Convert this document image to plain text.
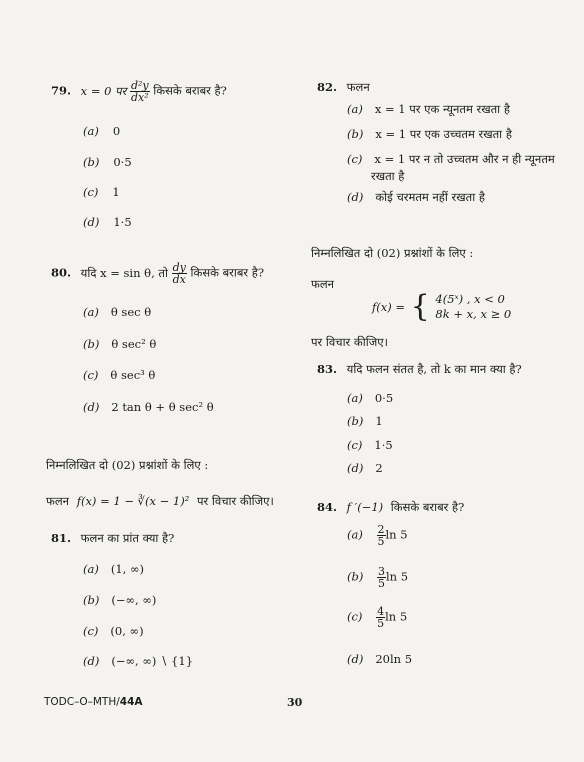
79. x = 0 पर $\frac{\text{d²y}}{\text{dx²}}$ किसके बराबर है?
(a) 0
(b) 0·5
(c) 1
(d) 1·5
80. यदि x = sin θ, तो $\frac{dy}{dx}$ किसके बराबर है?
(a) θ sec θ
(b) θ sec² θ
(c) θ sec³ θ
(d) 2 tan θ + θ sec² θ
निम्नलिखित दो (02) प्रश्नांशों के लिए :
फलन f(x) = 1 − ∛(x − 1)² पर विचार कीजिए।
81. फलन का प्रांत क्या है?
(a) (1, ∞)
(b) (−∞, ∞)
(c) (0, ∞)
(d) (−∞, ∞) ∖ {1}
82. फलन
(a) x = 1 पर एक न्यूनतम रखता है
(b) x = 1 पर एक उच्चतम रखता है
(c) x = 1 पर न तो उच्चतम और न ही न्यूनतम
रखता है
(d) कोई चरमतम नहीं रखता है
निम्नलिखित दो (02) प्रश्नांशों के लिए :
फलन
f(x) = { 4(5ˣ) , x < 0
8k + x, x ≥ 0
पर विचार कीजिए।
83. यदि फलन संतत है, तो k का मान क्या है?
(a) 0·5
(b) 1
(c) 1·5
(d) 2
84. f ′(−1) किसके बराबर है?
$(a) \frac{2}{5}$ ln 5
$(b) \frac{3}{5}$ ln 5
$(c) \frac{4}{5}$ ln 5
(d) 20ln 5
TODC–O–MTH/44A	30
